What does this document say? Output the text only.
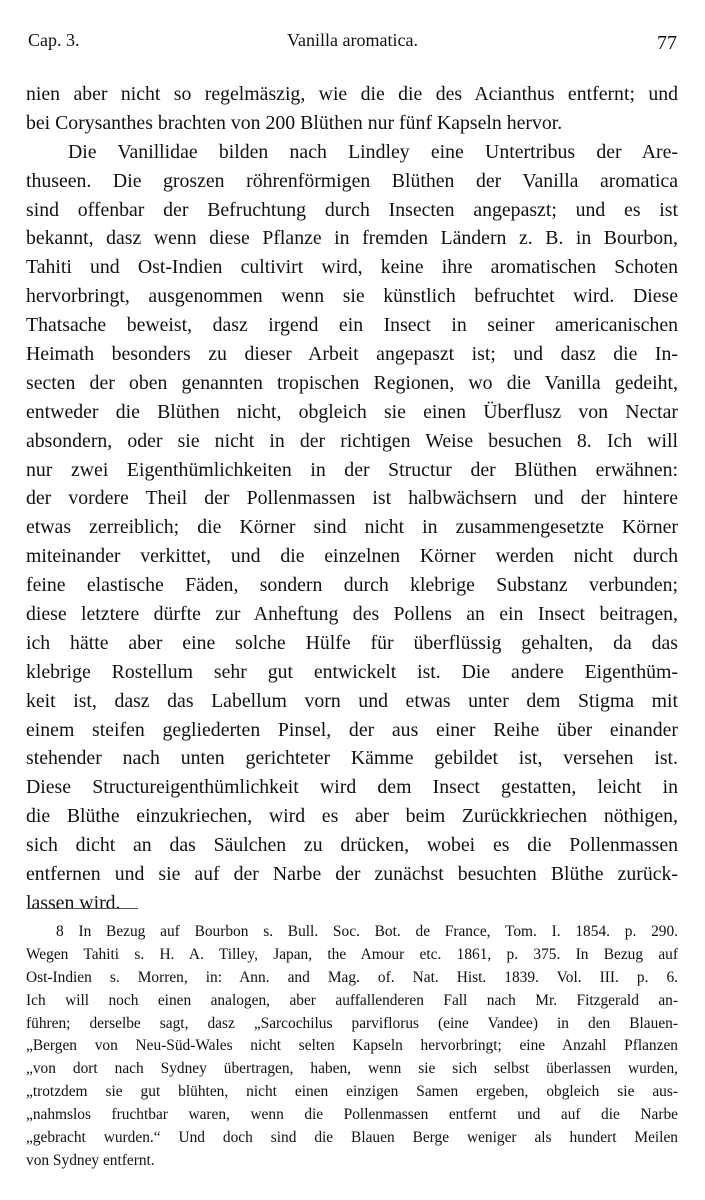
Cap. 3.	Vanilla aromatica.	77
nien aber nicht so regelmäszig, wie die die des Acianthus entfernt; und
bei Corysanthes brachten von 200 Blüthen nur fünf Kapseln hervor.
Die Vanillidae bilden nach Lindley eine Untertribus der Are-
thuseen. Die groszen röhrenförmigen Blüthen der Vanilla aromatica
sind offenbar der Befruchtung durch Insecten angepaszt; und es ist
bekannt, dasz wenn diese Pflanze in fremden Ländern z. B. in Bourbon,
Tahiti und Ost-Indien cultivirt wird, keine ihre aromatischen Schoten
hervorbringt, ausgenommen wenn sie künstlich befruchtet wird. Diese
Thatsache beweist, dasz irgend ein Insect in seiner americanischen
Heimath besonders zu dieser Arbeit angepaszt ist; und dasz die In-
secten der oben genannten tropischen Regionen, wo die Vanilla gedeiht,
entweder die Blüthen nicht, obgleich sie einen Überflusz von Nectar
absondern, oder sie nicht in der richtigen Weise besuchen 8. Ich will
nur zwei Eigenthümlichkeiten in der Structur der Blüthen erwähnen:
der vordere Theil der Pollenmassen ist halbwächsern und der hintere
etwas zerreiblich; die Körner sind nicht in zusammengesetzte Körner
miteinander verkittet, und die einzelnen Körner werden nicht durch
feine elastische Fäden, sondern durch klebrige Substanz verbunden;
diese letztere dürfte zur Anheftung des Pollens an ein Insect beitragen,
ich hätte aber eine solche Hülfe für überflüssig gehalten, da das
klebrige Rostellum sehr gut entwickelt ist. Die andere Eigenthüm-
keit ist, dasz das Labellum vorn und etwas unter dem Stigma mit
einem steifen gegliederten Pinsel, der aus einer Reihe über einander
stehender nach unten gerichteter Kämme gebildet ist, versehen ist.
Diese Structureigenthümlichkeit wird dem Insect gestatten, leicht in
die Blüthe einzukriechen, wird es aber beim Zurückkriechen nöthigen,
sich dicht an das Säulchen zu drücken, wobei es die Pollenmassen
entfernen und sie auf der Narbe der zunächst besuchten Blüthe zurück-
lassen wird.
8 In Bezug auf Bourbon s. Bull. Soc. Bot. de France, Tom. I. 1854. p. 290.
Wegen Tahiti s. H. A. Tilley, Japan, the Amour etc. 1861, p. 375. In Bezug auf
Ost-Indien s. Morren, in: Ann. and Mag. of. Nat. Hist. 1839. Vol. III. p. 6.
Ich will noch einen analogen, aber auffallenderen Fall nach Mr. Fitzgerald an-
führen; derselbe sagt, dasz „Sarcochilus parviflorus (eine Vandee) in den Blauen-
„Bergen von Neu-Süd-Wales nicht selten Kapseln hervorbringt; eine Anzahl Pflanzen
„von dort nach Sydney übertragen, haben, wenn sie sich selbst überlassen wurden,
„trotzdem sie gut blühten, nicht einen einzigen Samen ergeben, obgleich sie aus-
„nahmslos fruchtbar waren, wenn die Pollenmassen entfernt und auf die Narbe
„gebracht wurden.“ Und doch sind die Blauen Berge weniger als hundert Meilen
von Sydney entfernt.
